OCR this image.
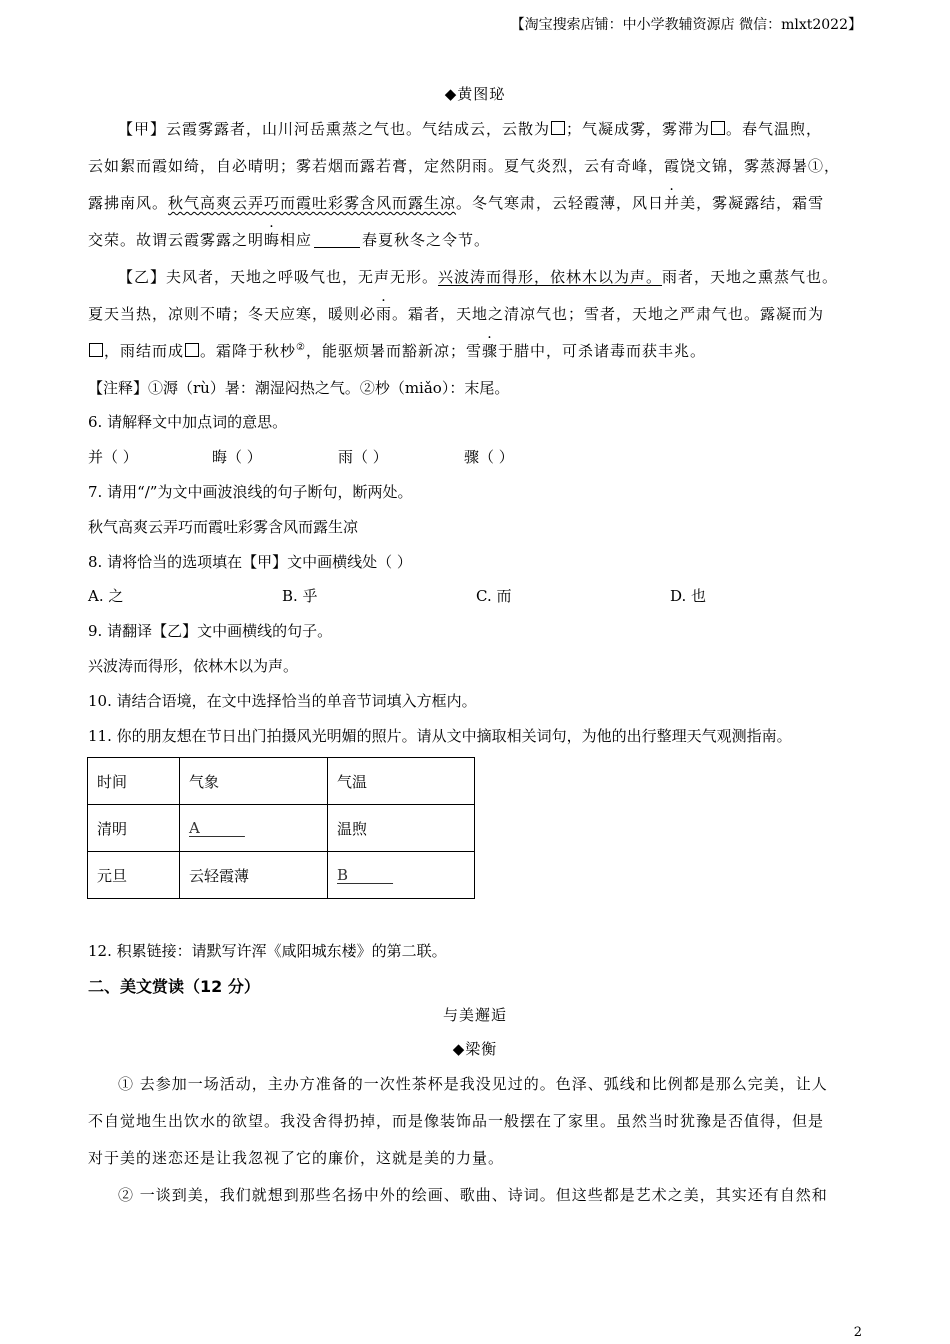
【淘宝搜索店铺：中小学教辅资源店 微信：mlxt2022】
◆黄图珌
【甲】云霞雾露者，山川河岳熏蒸之气也。气结成云，云散为 ；气凝成雾，雾滞为 。春气温煦，
云如絮而霞如绮，自必晴明；雾若烟而露若膏，定然阴雨。夏气炎烈，云有奇峰，霞饶文锦，雾蒸溽暑①，
露拂南风。秋气高爽云弄巧而霞吐彩雾含风而露生凉。冬气寒肃，云轻霞薄，风日并美，雾凝露结，霜雪
交荣。故谓云霞雾露之明晦相应	春夏秋冬之令节。
【乙】夫风者，天地之呼吸气也，无声无形。兴波涛而得形，依林木以为声。雨者，天地之熏蒸气也。
夏天当热，凉则不晴；冬天应寒，暖则必雨。霜者，天地之清凉气也；雪者，天地之严肃气也。露凝而为
，雨结而成 。霜降于秋杪②，能驱烦暑而豁新凉；雪骤于腊中，可杀诸毒而获丰兆。
【注释】①溽（rù）暑：潮湿闷热之气。②杪（miǎo）：末尾。
6. 请解释文中加点词的意思。
并（ ）	晦（ ）	雨（ ）	骤（ ）
7. 请用“/”为文中画波浪线的句子断句，断两处。
秋气高爽云弄巧而霞吐彩雾含风而露生凉
8. 请将恰当的选项填在【甲】文中画横线处（ ）
A. 之	B. 乎	C. 而	D. 也
9. 请翻译【乙】文中画横线的句子。
兴波涛而得形，依林木以为声。
10. 请结合语境，在文中选择恰当的单音节词填入方框内。
11. 你的朋友想在节日出门拍摄风光明媚的照片。请从文中摘取相关词句，为他的出行整理天气观测指南。
时间	气象	气温
清明	A______	温煦
元旦	云轻霞薄	B______
12. 积累链接：请默写许浑《咸阳城东楼》的第二联。
二、美文赏读（12 分）
与美邂逅
◆梁衡
① 去参加一场活动，主办方准备的一次性茶杯是我没见过的。色泽、弧线和比例都是那么完美，让人
不自觉地生出饮水的欲望。我没舍得扔掉，而是像装饰品一般摆在了家里。虽然当时犹豫是否值得，但是
对于美的迷恋还是让我忽视了它的廉价，这就是美的力量。
② 一谈到美，我们就想到那些名扬中外的绘画、歌曲、诗词。但这些都是艺术之美，其实还有自然和
2
